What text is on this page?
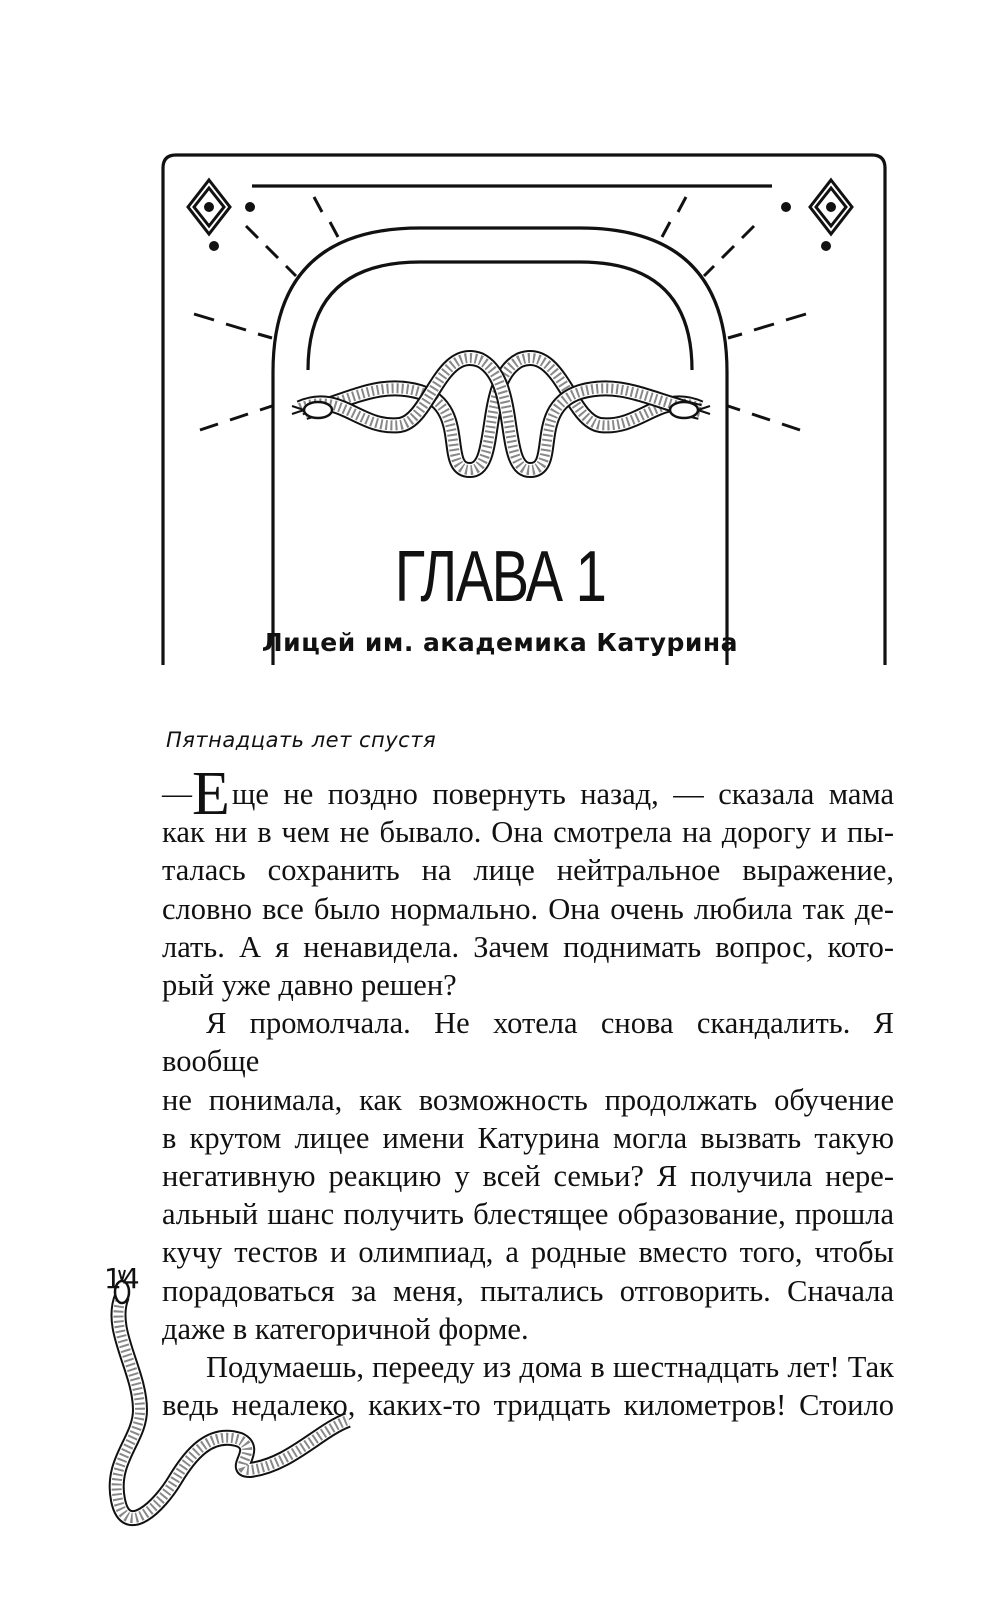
ГЛАВА 1
Лицей им. академика Катурина
Пятнадцать лет спустя

— Е ще не поздно повернуть назад, — сказала мама

как ни в чем не бывало. Она смотрела на дорогу и пы-

талась сохранить на лице нейтральное выражение,

словно все было нормально. Она очень любила так де-

лать. А я ненавидела. Зачем поднимать вопрос, кото-

рый уже давно решен?

Я промолчала. Не хотела снова скандалить. Я вообще

не понимала, как возможность продолжать обучение

в крутом лицее имени Катурина могла вызвать такую

негативную реакцию у всей семьи? Я получила нере-

альный шанс получить блестящее образование, прошла

кучу тестов и олимпиад, а родные вместо того, чтобы

порадоваться за меня, пытались отговорить. Сначала

даже в категоричной форме.

Подумаешь, перееду из дома в шестнадцать лет! Так

ведь недалеко, каких-то тридцать километров! Стоило

14
